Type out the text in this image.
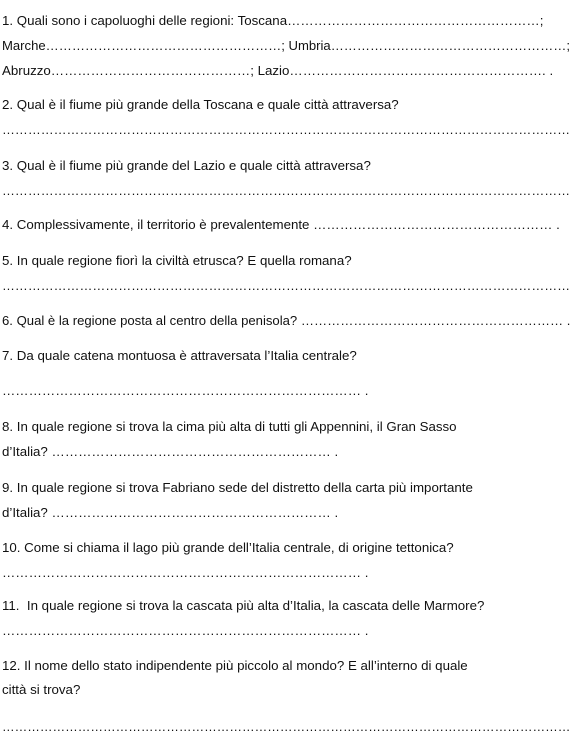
1. Quali sono i capoluoghi delle regioni: Toscana…………………………………………………;
Marche………………………………………………; Umbria………………………………………………;
Abruzzo………………………………………; Lazio…………………………………………………. .
2. Qual è il fiume più grande della Toscana e quale città attraversa?
……………………………………………………………………………………………………………………
3. Qual è il fiume più grande del Lazio e quale città attraversa?
……………………………………………………………………………………………………………………
4. Complessivamente, il territorio è prevalentemente ……………………………………………… .
5. In quale regione fiorì la civiltà etrusca? E quella romana?
……………………………………………………………………………………………………………………
6. Qual è la regione posta al centro della penisola? …………………………………………………… .
7. Da quale catena montuosa è attraversata l’Italia centrale?
……………………………………………………………………… .
8. In quale regione si trova la cima più alta di tutti gli Appennini, il Gran Sasso
d’Italia? ……………………………………………………… .
9. In quale regione si trova Fabriano sede del distretto della carta più importante
d’Italia? ……………………………………………………… .
10. Come si chiama il lago più grande dell’Italia centrale, di origine tettonica?
……………………………………………………………………… .
11.  In quale regione si trova la cascata più alta d’Italia, la cascata delle Marmore?
……………………………………………………………………… .
12. Il nome dello stato indipendente più piccolo al mondo? E all’interno di quale
città si trova?
………………………………………………………………………………………………………………………
